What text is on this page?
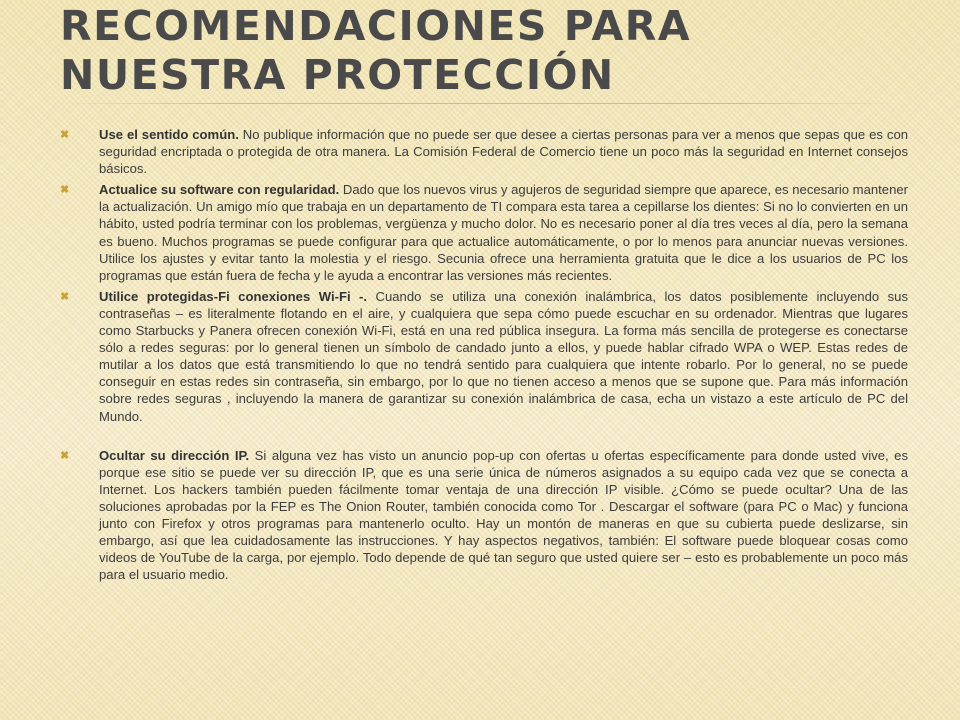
RECOMENDACIONES PARA NUESTRA PROTECCIÓN
✖ Use el sentido común. No publique información que no puede ser que desee a ciertas personas para ver a menos que sepas que es con seguridad encriptada o protegida de otra manera. La Comisión Federal de Comercio tiene un poco más la seguridad en Internet consejos básicos.
✖ Actualice su software con regularidad. Dado que los nuevos virus y agujeros de seguridad siempre que aparece, es necesario mantener la actualización. Un amigo mío que trabaja en un departamento de TI compara esta tarea a cepillarse los dientes: Si no lo convierten en un hábito, usted podría terminar con los problemas, vergüenza y mucho dolor. No es necesario poner al día tres veces al día, pero la semana es bueno. Muchos programas se puede configurar para que actualice automáticamente, o por lo menos para anunciar nuevas versiones. Utilice los ajustes y evitar tanto la molestia y el riesgo. Secunia ofrece una herramienta gratuita que le dice a los usuarios de PC los programas que están fuera de fecha y le ayuda a encontrar las versiones más recientes.
✖ Utilice protegidas-Fi conexiones Wi-Fi -. Cuando se utiliza una conexión inalámbrica, los datos posiblemente incluyendo sus contraseñas – es literalmente flotando en el aire, y cualquiera que sepa cómo puede escuchar en su ordenador. Mientras que lugares como Starbucks y Panera ofrecen conexión Wi-Fi, está en una red pública insegura. La forma más sencilla de protegerse es conectarse sólo a redes seguras: por lo general tienen un símbolo de candado junto a ellos, y puede hablar cifrado WPA o WEP. Estas redes de mutilar a los datos que está transmitiendo lo que no tendrá sentido para cualquiera que intente robarlo. Por lo general, no se puede conseguir en estas redes sin contraseña, sin embargo, por lo que no tienen acceso a menos que se supone que. Para más información sobre redes seguras , incluyendo la manera de garantizar su conexión inalámbrica de casa, echa un vistazo a este artículo de PC del Mundo.
✖ Ocultar su dirección IP. Si alguna vez has visto un anuncio pop-up con ofertas u ofertas específicamente para donde usted vive, es porque ese sitio se puede ver su dirección IP, que es una serie única de números asignados a su equipo cada vez que se conecta a Internet. Los hackers también pueden fácilmente tomar ventaja de una dirección IP visible. ¿Cómo se puede ocultar? Una de las soluciones aprobadas por la FEP es The Onion Router, también conocida como Tor . Descargar el software (para PC o Mac) y funciona junto con Firefox y otros programas para mantenerlo oculto. Hay un montón de maneras en que su cubierta puede deslizarse, sin embargo, así que lea cuidadosamente las instrucciones. Y hay aspectos negativos, también: El software puede bloquear cosas como videos de YouTube de la carga, por ejemplo. Todo depende de qué tan seguro que usted quiere ser – esto es probablemente un poco más para el usuario medio.
